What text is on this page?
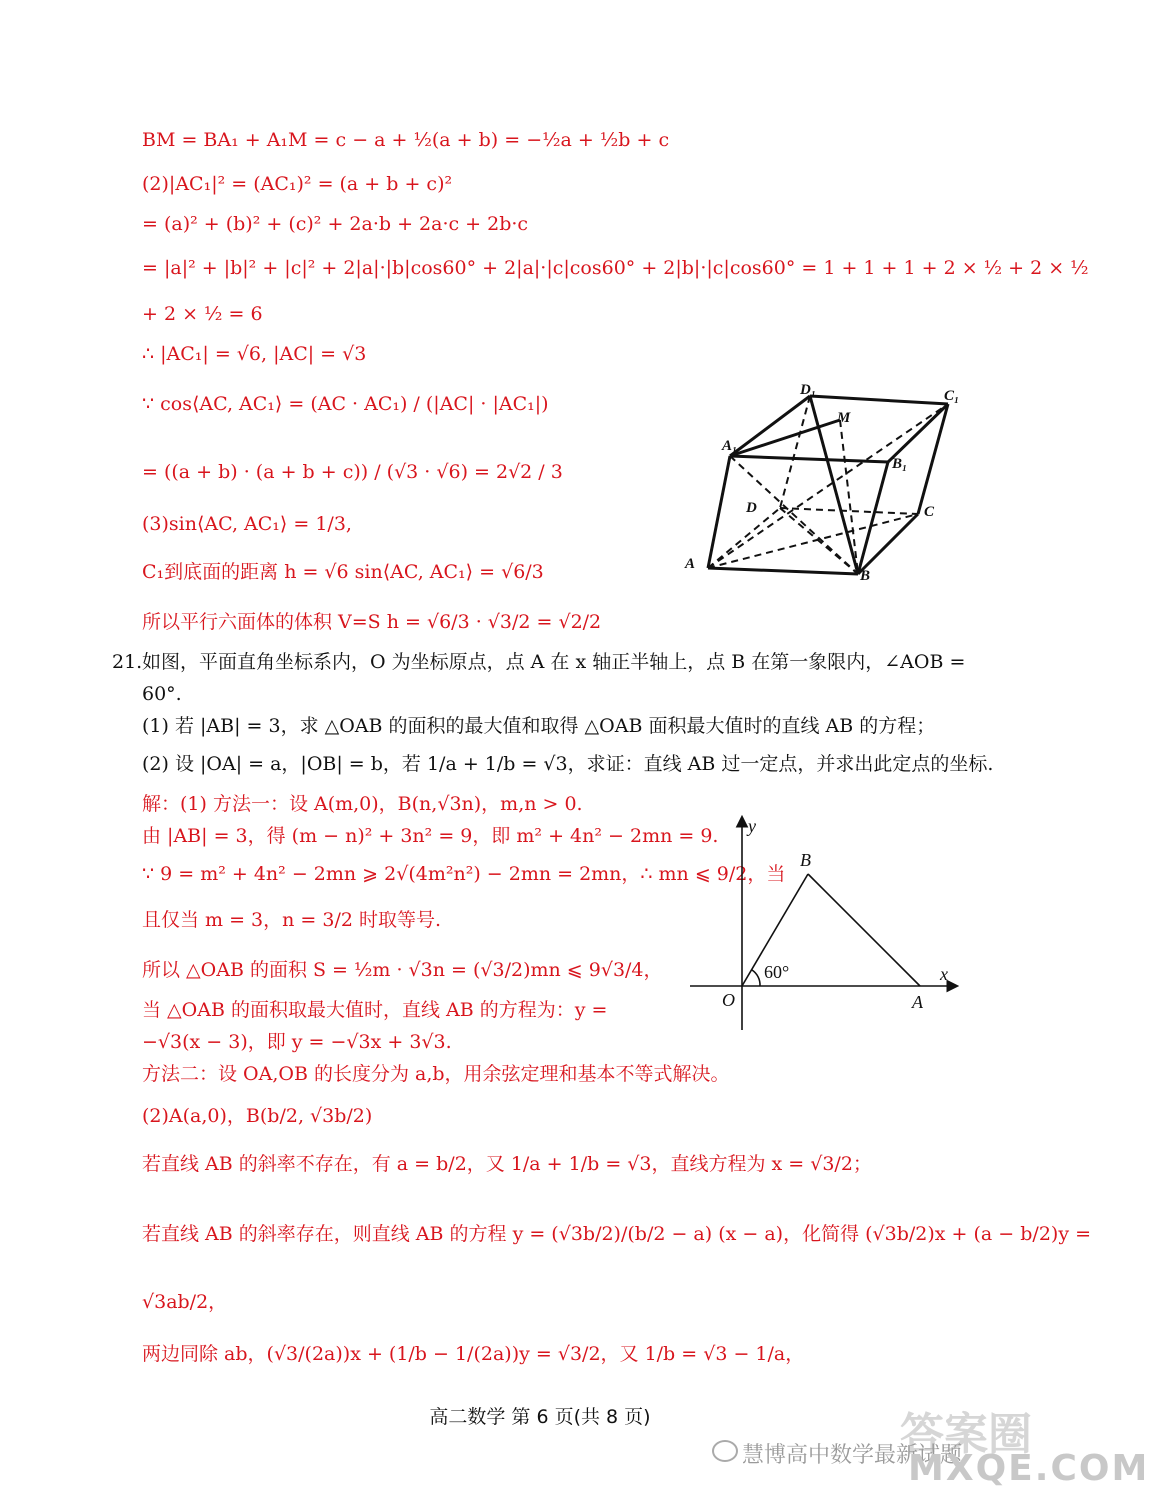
BM = BA₁ + A₁M = c − a + ½(a + b) = −½a + ½b + c
(2)|AC₁|² = (AC₁)² = (a + b + c)²
= (a)² + (b)² + (c)² + 2a·b + 2a·c + 2b·c
= |a|² + |b|² + |c|² + 2|a|·|b|cos60° + 2|a|·|c|cos60° + 2|b|·|c|cos60° = 1 + 1 + 1 + 2 × ½ + 2 × ½
+ 2 × ½ = 6
∴ |AC₁| = √6, |AC| = √3
∵ cos⟨AC, AC₁⟩ = (AC · AC₁) / (|AC| · |AC₁|)
= ((a + b) · (a + b + c)) / (√3 · √6) = 2√2 / 3
(3)sin⟨AC, AC₁⟩ = 1/3,
C₁到底面的距离 h = √6 sin⟨AC, AC₁⟩ = √6/3
所以平行六面体的体积 V=S h = √6/3 · √3/2 = √2/2
D₁	C₁
M
A₁
B₁
D	C
A
B
21. 如图，平面直角坐标系内，O 为坐标原点，点 A 在 x 轴正半轴上，点 B 在第一象限内，∠AOB =
60°.
(1) 若 |AB| = 3，求 △OAB 的面积的最大值和取得 △OAB 面积最大值时的直线 AB 的方程；
(2) 设 |OA| = a，|OB| = b，若 1/a + 1/b = √3，求证：直线 AB 过一定点，并求出此定点的坐标.
解：(1) 方法一：设 A(m,0)，B(n,√3n)，m,n > 0.
由 |AB| = 3，得 (m − n)² + 3n² = 9，即 m² + 4n² − 2mn = 9.
∵ 9 = m² + 4n² − 2mn ⩾ 2√(4m²n²) − 2mn = 2mn，∴ mn ⩽ 9/2，当
且仅当 m = 3，n = 3/2 时取等号.
所以 △OAB 的面积 S = ½m · √3n = (√3/2)mn ⩽ 9√3/4，
当 △OAB 的面积取最大值时，直线 AB 的方程为：y =
−√3(x − 3)，即 y = −√3x + 3√3.
方法二：设 OA,OB 的长度分为 a,b，用余弦定理和基本不等式解决。
(2)A(a,0)，B(b/2, √3b/2)
若直线 AB 的斜率不存在，有 a = b/2，又 1/a + 1/b = √3，直线方程为 x = √3/2；
若直线 AB 的斜率存在，则直线 AB 的方程 y = (√3b/2)/(b/2 − a) (x − a)，化简得 (√3b/2)x + (a − b/2)y =
√3ab/2，
两边同除 ab，(√3/(2a))x + (1/b − 1/(2a))y = √3/2，又 1/b = √3 − 1/a，
y
B
60°	x
O	A
高二数学 第 6 页(共 8 页)	答案圈
慧博高中数学最新试题
MXQE.COM
